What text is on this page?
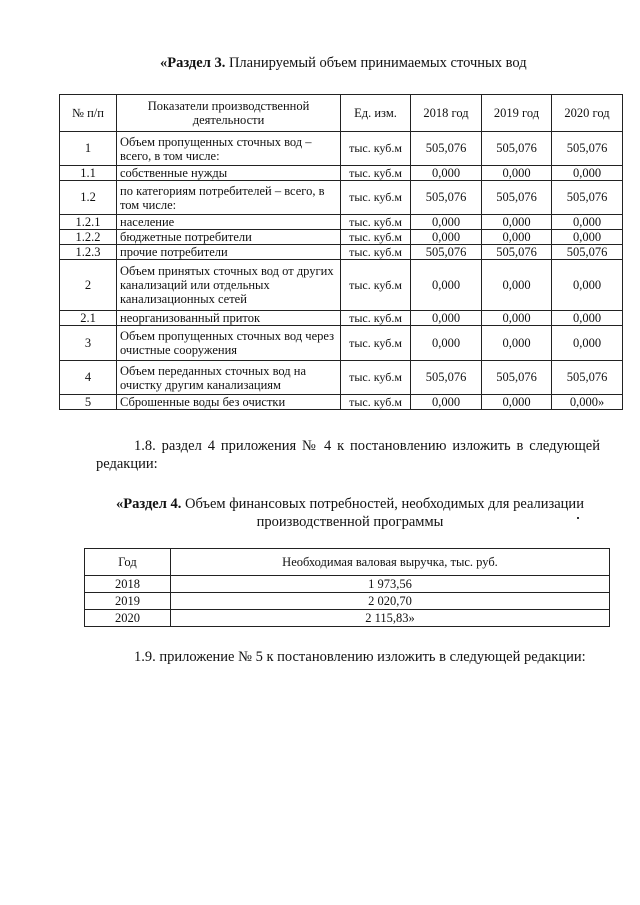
«Раздел 3. Планируемый объем принимаемых сточных вод
№ п/п	Показатели производственной деятельности	Ед. изм.	2018 год	2019 год	2020 год
1	Объем пропущенных сточных вод – всего, в том числе:	тыс. куб.м	505,076	505,076	505,076
1.1	собственные нужды	тыс. куб.м	0,000	0,000	0,000
1.2	по категориям потребителей – всего, в том числе:	тыс. куб.м	505,076	505,076	505,076
1.2.1	население	тыс. куб.м	0,000	0,000	0,000
1.2.2	бюджетные потребители	тыс. куб.м	0,000	0,000	0,000
1.2.3	прочие потребители	тыс. куб.м	505,076	505,076	505,076
2	Объем принятых сточных вод от других канализаций или отдельных канализационных сетей	тыс. куб.м	0,000	0,000	0,000
2.1	неорганизованный приток	тыс. куб.м	0,000	0,000	0,000
3	Объем пропущенных сточных вод через очистные сооружения	тыс. куб.м	0,000	0,000	0,000
4	Объем переданных сточных вод на очистку другим канализациям	тыс. куб.м	505,076	505,076	505,076
5	Сброшенные воды без очистки	тыс. куб.м	0,000	0,000	0,000»
1.8. раздел 4 приложения № 4 к постановлению изложить в следующей редакции:
«Раздел 4. Объем финансовых потребностей, необходимых для реализации производственной программы
Год	Необходимая валовая выручка, тыс. руб.
2018	1 973,56
2019	2 020,70
2020	2 115,83»
1.9. приложение № 5 к постановлению изложить в следующей редакции:
